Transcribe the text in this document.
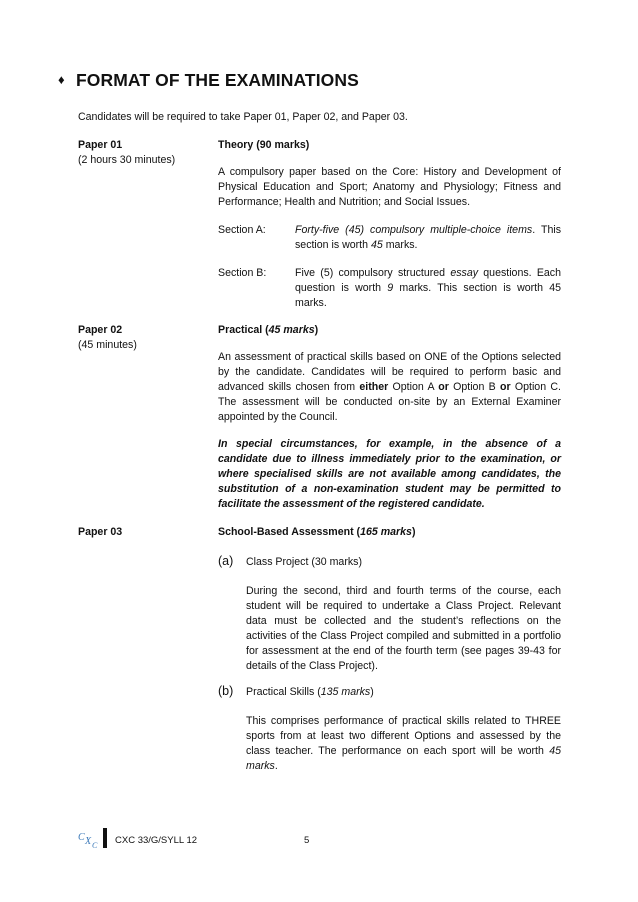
♦ FORMAT OF THE EXAMINATIONS
Candidates will be required to take Paper 01, Paper 02, and Paper 03.
Paper 01
(2 hours 30 minutes)
Theory (90 marks)
A compulsory paper based on the Core: History and Development of Physical Education and Sport; Anatomy and Physiology; Fitness and Performance; Health and Nutrition; and Social Issues.
Section A:	Forty-five (45) compulsory multiple-choice items. This section is worth 45 marks.
Section B:	Five (5) compulsory structured essay questions. Each question is worth 9 marks. This section is worth 45 marks.
Paper 02
(45 minutes)
Practical (45 marks)
An assessment of practical skills based on ONE of the Options selected by the candidate. Candidates will be required to perform basic and advanced skills chosen from either Option A or Option B or Option C. The assessment will be conducted on-site by an External Examiner appointed by the Council.
In special circumstances, for example, in the absence of a candidate due to illness immediately prior to the examination, or where specialised skills are not available among candidates, the substitution of a non-examination student may be permitted to facilitate the assessment of the registered candidate.
Paper 03	School-Based Assessment (165 marks)
(a) Class Project (30 marks)
During the second, third and fourth terms of the course, each student will be required to undertake a Class Project. Relevant data must be collected and the student’s reflections on the activities of the Class Project compiled and submitted in a portfolio for assessment at the end of the fourth term (see pages 39-43 for details of the Class Project).
(b) Practical Skills (135 marks)
This comprises performance of practical skills related to THREE sports from at least two different Options and assessed by the class teacher. The performance on each sport will be worth 45 marks.
C X C CXC 33/G/SYLL 12	5
